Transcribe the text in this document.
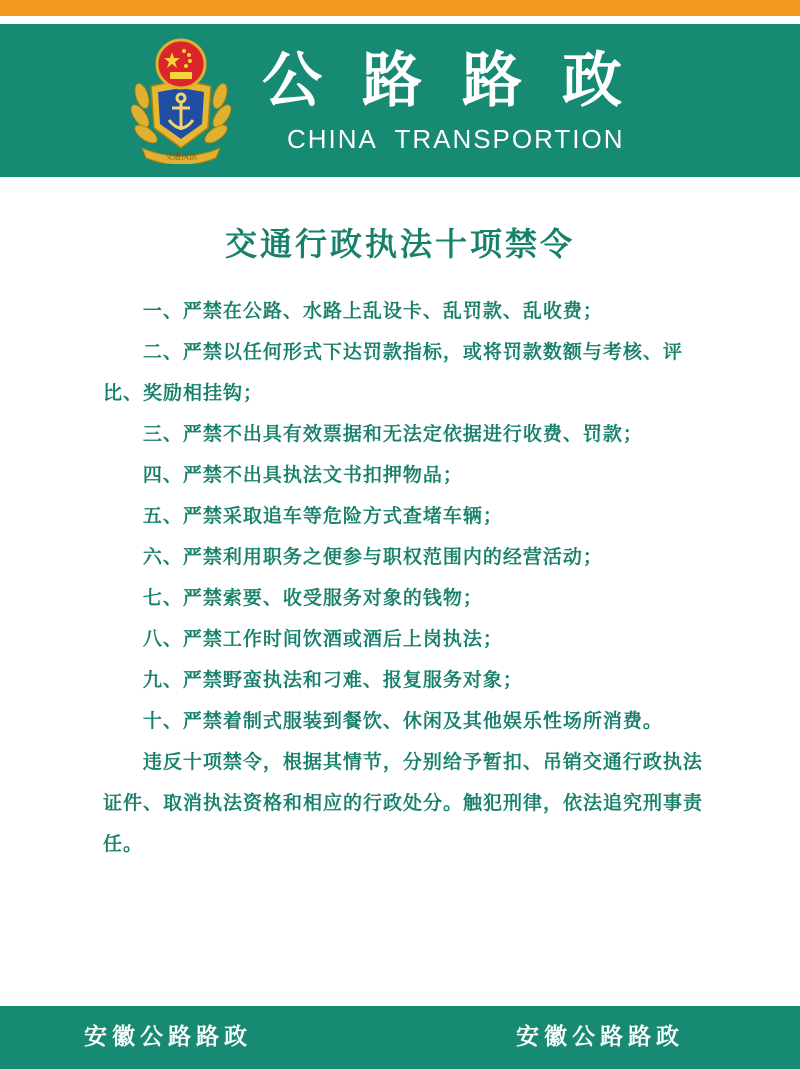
交通执法
公路路政
CHINA  TRANSPORTION
交通行政执法十项禁令

一、严禁在公路、水路上乱设卡、乱罚款、乱收费；

二、严禁以任何形式下达罚款指标，或将罚款数额与考核、评比、奖励相挂钩；

三、严禁不出具有效票据和无法定依据进行收费、罚款；

四、严禁不出具执法文书扣押物品；

五、严禁采取追车等危险方式查堵车辆；

六、严禁利用职务之便参与职权范围内的经营活动；

七、严禁索要、收受服务对象的钱物；

八、严禁工作时间饮酒或酒后上岗执法；

九、严禁野蛮执法和刁难、报复服务对象；

十、严禁着制式服装到餐饮、休闲及其他娱乐性场所消费。

违反十项禁令，根据其情节，分别给予暂扣、吊销交通行政执法证件、取消执法资格和相应的行政处分。触犯刑律，依法追究刑事责任。

安徽公路路政	安徽公路路政
